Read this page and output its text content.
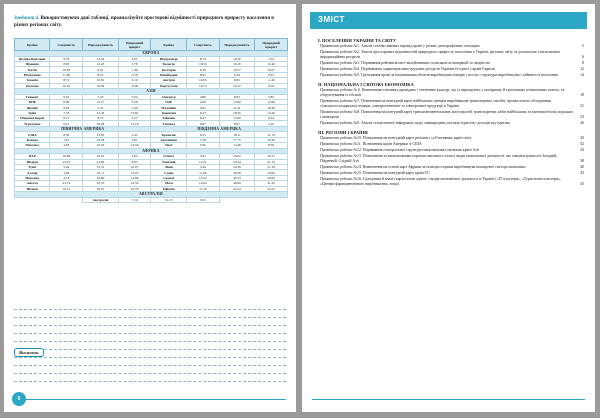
Завдання 4. Використовуючи дані таблиці, проаналізуйте просторові відмінності природного приросту населення в різних регіонах світу.
Країна	Смертність	Народжуваність	Природний приріст	Країна	Смертність	Народжуваність	Природний приріст
ЄВРОПА							
Велика Британія	9.33	12.34	3.01	Нідерланди	8.74	10.30	1.52
Франція	8.65	12.43	3.78	Бельгія	10.50	10.10	-0.40
Італія	10.83	9.01	-1.82	Болгарія	6.39	16.37	10.07
Німеччина	11.00	8.21	-2.79	Швейцарія	8.65	9.34	0.91
Іспанія	8.72	10.91	2.19	Австрія	10.05	8.65	-1.40
Польща	10.10	10.04	-0.06	Португалія	10.74	10.12	-0.62
АЗІЯ							
Гонконг	6.91	7.45	0.54	Сінгапур	4.80	8.65	3.85
КНР	6.89	12.17	5.28	ОАЕ	2.00	15.90	13.90
Японія	9.83	7.41	-2.42	Малайзія	4.92	21.41	16.49
Індія	7.33	21.34	13.81	Індонезія	6.23	18.45	12.20
Південна Корея	6.15	8.72	2.57	Тайвань	6.47	13.00	6.54
Туреччина	6.10	18.28	12.18	Таїланд	6.87	8.97	2.10
ПІВНІЧНА АМЕРИКА				ПІВДЕННА АМЕРИКА			
США	8.39	13.83	5.45	Бразилія	6.35	18.11	11.76
Канада	7.67	10.28	2.61	Аргентина	7.39	17.75	10.36
Мексика	4.83	19.39	14.56	Чилі	5.90	14.46	8.56
АФРИКА							
ПАР	16.99	19.61	2.62	Єгипет	4.83	25.02	20.17
Нігерія	12.97	21.82	8.85	Танзанія	12.31	33.44	21.13
Туніс	5.24	15.31	10.07	Лівія	3.40	24.58	21.18
Алжир	4.66	16.71	12.05	Судан	11.66	36.58	24.92
Марокко	4.74	19.60	14.86	Сомалі	13.24	43.33	29.09
Ангола	23.74	43.33	19.59	Малі	14.64	46.09	31.45
Нігерія	16.31	39.07	22.76	Ефіопія	11.29	42.34	31.05
АВСТРАЛІЯ							
		Австралія	7.14	12.15	5.01		
Висновок.
6
ЗМІСТ
І. ПОСЕЛЕННЯ УКРАЇНИ ТА СВІТУ
Практична робота №1. Аналіз статево-вікових пірамід країн у різних демографічних ситуаціях	5
Практична робота №2. Аналіз просторових відмінностей природного приросту населення в Україні, регіонах світу за допомогою статистичних інформаційних ресурсів	6
Практична робота №3. Порівняння рейтингів міст-мільйонників та міських агломерацій за людністю	8
Практична робота №4. Порівняльна характеристика трудових ресурсів України та однієї з країн Європи	12
Практична робота №5. Групування країн за показниками обсягів виробництва товарів і послуг, структури виробництва і зайнятості населення	14
ІІ. НАЦІОНАЛЬНА І СВІТОВА ЕКОНОМІКА
Практична робота № 6. Визначення основних провідних і технічних культур, що їх вирощують у помірному й тропічному кліматичних поясах, та обґрунтування їх обсягів	18
Практична робота №7. Позначення на контурній карті найбільших центрів виробництва транспортних засобів, промислового обладнання, сільськогосподарської техніки, електротехнічної та електронної продукції в Україні	21
Практична робота №8. Позначення на контурній карті трансконтинентальних магістралей, транспортних хабів найбільших за вантажообігом морських і авіапортів	23
Практична робота №9. Аналіз статистичної інформації щодо міжнародних потоків туристів і доходів від туризму	26
ІІІ. РЕГІОНИ І КРАЇНИ
Практична робота №10. Позначення на контурній карті регіонів і суб'єктивних країн світу	30
Практична робота №11. Позначення країн Америки зі США	32
Практична робота №12. Порівняння секторальної структури національних економік країн Азії	34
Практична робота №13. Позначення за економічними картами шкільного атласу видів економічної діяльності, які спеціалізуються в Західній, Південній, Східній Азії	38
Практична робота №14. Визначення на основі карт Африки за поліпросторами виробництва поширеної сектора економіки	40
Практична робота №15. Позначення на контурній карті країн ЄС	43
Практична робота №16. Складання й аналіз картосхеми одного з видів економічної діяльності в Україні («IT кластери», «Туристичні кластери», «Центри фармацевтичного виробництва» тощо)	45
